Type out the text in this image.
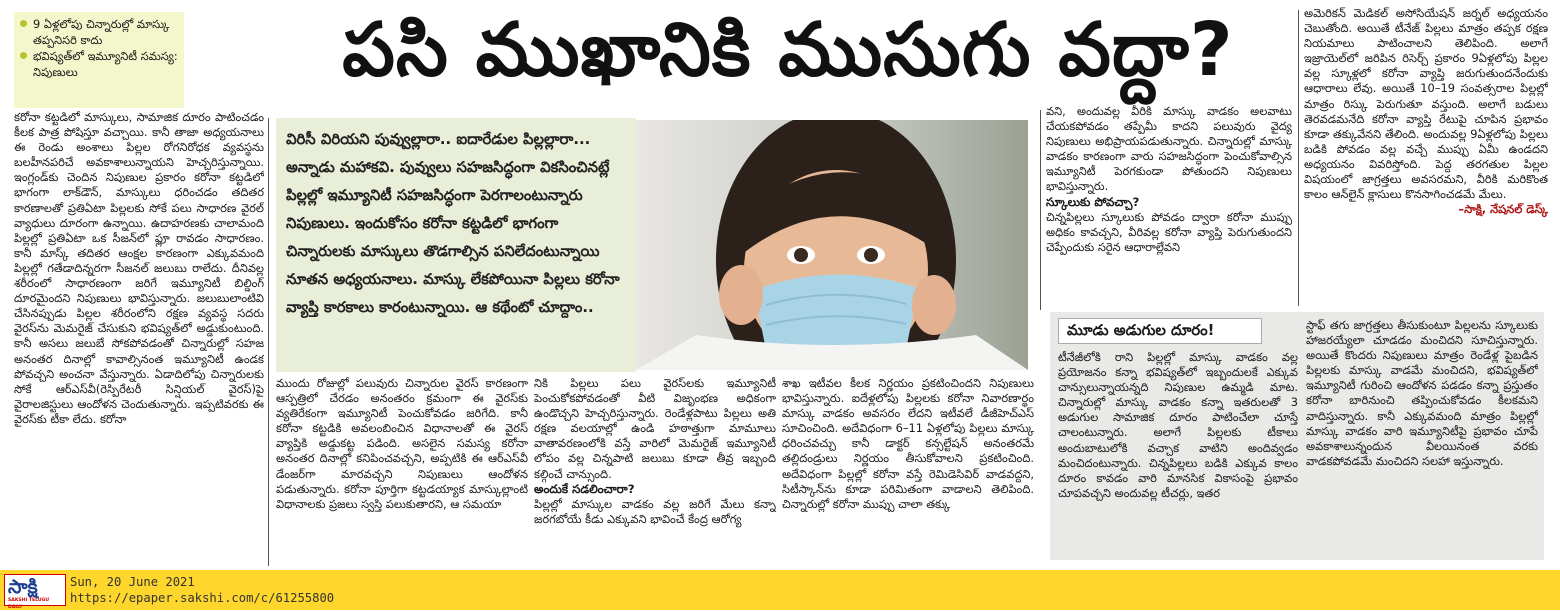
9 ఏళ్లలోపు చిన్నారుల్లో మాస్కు తప్పనిసరి కాదు
భవిష్యత్‌లో ఇమ్యూనిటీ సమస్య: నిపుణులు	పసి ముఖానికి ముసుగు వద్దా?

కరోనా కట్టడిలో మాస్కులు, సామాజిక దూరం పాటించడం కీలక పాత్ర పోషిస్తూ వచ్చాయి. కానీ తాజా అధ్యయనాలు ఈ రెండు అంశాలు పిల్లల రోగనిరోధక వ్యవస్థను బలహీనపరిచే అవకాశాలున్నాయని హెచ్చరిస్తున్నాయి. ఇంగ్లండ్‌కు చెందిన నిపుణుల ప్రకారం కరోనా కట్టడిలో భాగంగా లాక్‌డౌన్, మాస్కులు ధరించడం తదితర కారణాలతో ప్రతిఏటా పిల్లలకు సోకే పలు సాధారణ వైరల్ వ్యాధులు దూరంగా ఉన్నాయి. ఉదాహరణకు చాలామంది పిల్లల్లో ప్రతిఏటా ఒక సీజన్‌లో ఫ్లూ రావడం సాధారణం. కానీ మాస్క్ తదితర ఆంక్షల కారణంగా ఎక్కువమంది పిల్లల్లో గతేడాదిన్నరగా సీజనల్ జలుబు రాలేదు. దీనివల్ల శరీరంలో సాధారణంగా జరిగే ఇమ్యూనిటీ బిల్డింగ్ దూరమైందని నిపుణులు భావిస్తున్నారు. జలుబులాంటివి చేసినప్పుడు పిల్లల శరీరంలోని రక్షణ వ్యవస్థ సదరు వైరస్‌ను మెమరైజ్ చేసుకుని భవిష్యత్‌లో అడ్డుకుంటుంది. కానీ అసలు జలుబే సోకపోవడంతో చిన్నారుల్లో సహజ అనంతర దినాల్లో కావాల్సినంత ఇమ్యూనిటీ ఉండక పోవచ్చని అంచనా వేస్తున్నారు. ఏడాదిలోపు చిన్నారులకు సోకే ఆర్‌ఎస్‌వీ(రెస్పిరేటరీ సిన్షియల్ వైరస్)పై వైరాలజిస్టులు ఆందోళన చెందుతున్నారు. ఇప్పటివరకు ఈ వైరస్‌కు టీకా లేదు. కరోనా

విరిసీ విరియని పువ్వుల్లారా.. ఐదారేడుల పిల్లల్లారా... అన్నాడు మహాకవి. పువ్వులు సహజసిద్ధంగా వికసించినట్లే పిల్లల్లో ఇమ్యూనిటీ సహజసిద్ధంగా పెరగాలంటున్నారు నిపుణులు. ఇందుకోసం కరోనా కట్టడిలో భాగంగా చిన్నారులకు మాస్కులు తొడగాల్సిన పనిలేదంటున్నాయి నూతన అధ్యయనాలు. మాస్కు లేకపోయినా పిల్లలు కరోనా వ్యాప్తి కారకాలు కారంటున్నాయి. ఆ కథేంటో చూద్దాం..

ముందు రోజుల్లో పలువురు చిన్నారుల వైరస్ కారణంగా ఆస్పత్రిలో చేరడం అనంతరం క్రమంగా ఈ వైరస్‌కు వ్యతిరేకంగా ఇమ్యూనిటీ పెంచుకోవడం జరిగేది. కానీ కరోనా కట్టడికి అవలంబించిన విధానాలతో ఈ వైరస్ వ్యాప్తికి అడ్డుకట్ట పడింది. అసలైన సమస్య కరోనా అనంతర దినాల్లో కనిపించవచ్చని, అప్పటికి ఈ ఆర్‌ఎస్‌వీ డేంజర్‌గా మారవచ్చని నిపుణులు ఆందోళన పడుతున్నారు. కరోనా పూర్తిగా కట్టడయ్యాక మాస్కుల్లాంటి విధానాలకు ప్రజలు స్వస్తి పలుకుతారని, ఆ సమయా

నికి పిల్లలు పలు వైరస్‌లకు ఇమ్యూనిటీ పెంచుకోకపోవడంతో వీటి విజృంభణ అధికంగా ఉండొచ్చని హెచ్చరిస్తున్నారు. రెండేళ్లపాటు పిల్లలు అతి రక్షణ వలయాల్లో ఉండి హఠాత్తుగా మామూలు వాతావరణంలోకి వస్తే వారిలో మెమరైజ్ ఇమ్యూనిటీ లోపం వల్ల చిన్నపాటి జలుబు కూడా తీవ్ర ఇబ్బంది కల్గించే చాన్సుంది.

అందుకే సడలించారా?

పిల్లల్లో మాస్కుల వాడకం వల్ల జరిగే మేలు కన్నా జరగబోయే కీడు ఎక్కువని భావించే కేంద్ర ఆరోగ్య

శాఖ ఇటీవల కీలక నిర్ణయం ప్రకటించిందని నిపుణులు భావిస్తున్నారు. ఐదేళ్లలోపు పిల్లలకు కరోనా నివారణార్థం మాస్కు వాడకం అవసరం లేదని ఇటీవలే డీజీహెచ్‌ఎస్ సూచించింది. అదేవిధంగా 6–11 ఏళ్లలోపు పిల్లలు మాస్కు ధరించవచ్చు కానీ డాక్టర్ కన్సల్టేషన్ అనంతరమే తల్లిదండ్రులు నిర్ణయం తీసుకోవాలని ప్రకటించింది. అదేవిధంగా పిల్లల్లో కరోనా వస్తే రెమిడెసివిర్ వాడవద్దని, సిటీస్కాన్‌ను కూడా పరిమితంగా వాడాలని తెలిపింది. చిన్నారుల్లో కరోనా ముప్పు చాలా తక్కు

వని, అందువల్ల వీరికి మాస్కు వాడకం అలవాటు చేయకపోవడం తప్పేమీ కాదని పలువురు వైద్య నిపుణులు అభిప్రాయపడుతున్నారు. చిన్నారుల్లో మాస్కు వాడకం కారణంగా వారు సహజసిద్ధంగా పెంచుకోవాల్సిన ఇమ్యూనిటీ పెరగకుండా పోతుందని నిపుణులు భావిస్తున్నారు.

స్కూలుకు పోవచ్చా?

చిన్నపిల్లలు స్కూలుకు పోవడం ద్వారా కరోనా ముప్పు అధికం కావచ్చని, వీరివల్ల కరోనా వ్యాప్తి పెరుగుతుందని చెప్పేందుకు సరైన ఆధారాల్లేవని

అమెరికన్ మెడికల్ అసోసియేషన్ జర్నల్ అధ్యయనం చెబుతోంది. అయితే టీనేజ్ పిల్లలు మాత్రం తప్పక రక్షణ నియమాలు పాటించాలని తెలిపింది. అలాగే ఇజ్రాయెల్‌లో జరిపిన రిసెర్చ్ ప్రకారం 9ఏళ్లలోపు పిల్లల వల్ల స్కూళ్లలో కరోనా వ్యాప్తి జరుగుతుందనేందుకు ఆధారాలు లేవు. అయితే 10–19 సంవత్సరాల పిల్లల్లో మాత్రం రిస్కు పెరుగుతూ వస్తుంది. అలాగే బడులు తెరవడమనేది కరోనా వ్యాప్తి రేటుపై చూపిన ప్రభావం కూడా తక్కువేనని తేలింది. అందువల్ల 9ఏళ్లలోపు పిల్లలు బడికి పోవడం వల్ల వచ్చే ముప్పు ఏమీ ఉండదని అధ్యయనం వివరిస్తోంది. పెద్ద తరగతుల పిల్లల విషయంలో జాగ్రత్తలు అవసరమని, వీరికి మరికొంత కాలం ఆన్‌లైన్ క్లాసులు కొనసాగించడమే మేలు.

–సాక్షి, నేషనల్ డెస్క్

మూడు అడుగుల దూరం!

టీనేజీలోకి రాని పిల్లల్లో మాస్కు వాడకం వల్ల ప్రయోజనం కన్నా భవిష్యత్‌లో ఇబ్బందులకే ఎక్కువ చాన్సులున్నాయన్నది నిపుణుల ఉమ్మడి మాట. చిన్నారుల్లో మాస్కు వాడకం కన్నా ఇతరులతో 3 అడుగుల సామాజిక దూరం పాటించేలా చూస్తే చాలంటున్నారు. అలాగే పిల్లలకు టీకాలు అందుబాటులోకి వచ్చాక వాటిని అందివ్వడం మంచిదంటున్నారు. చిన్నపిల్లలు బడికి ఎక్కువ కాలం దూరం కావడం వారి మానసిక వికాసంపై ప్రభావం చూపవచ్చని అందువల్ల టీచర్లు, ఇతర

స్టాఫ్ తగు జాగ్రత్తలు తీసుకుంటూ పిల్లలను స్కూలుకు హాజరయ్యేలా చూడడం మంచిదని సూచిస్తున్నారు. అయితే కొందరు నిపుణులు మాత్రం రెండేళ్ల పైబడిన పిల్లలకు మాస్కు వాడమే మంచిదని, భవిష్యత్‌లో ఇమ్యూనిటీ గురించి ఆందోళన పడడం కన్నా ప్రస్తుతం కరోనా బారినుంచి తప్పించుకోవడం కీలకమని వాదిస్తున్నారు. కానీ ఎక్కువమంది మాత్రం పిల్లల్లో మాస్కు వాడకం వారి ఇమ్యూనిటీపై ప్రభావం చూపే అవకాశాలున్నందున వీలయినంత వరకు వాడకపోవడమే మంచిదని సలహా ఇస్తున్నారు.

సాక్షి
SAKSHI TELUGU DAILY
Sun, 20 June 2021
https://epaper.sakshi.com/c/61255800
